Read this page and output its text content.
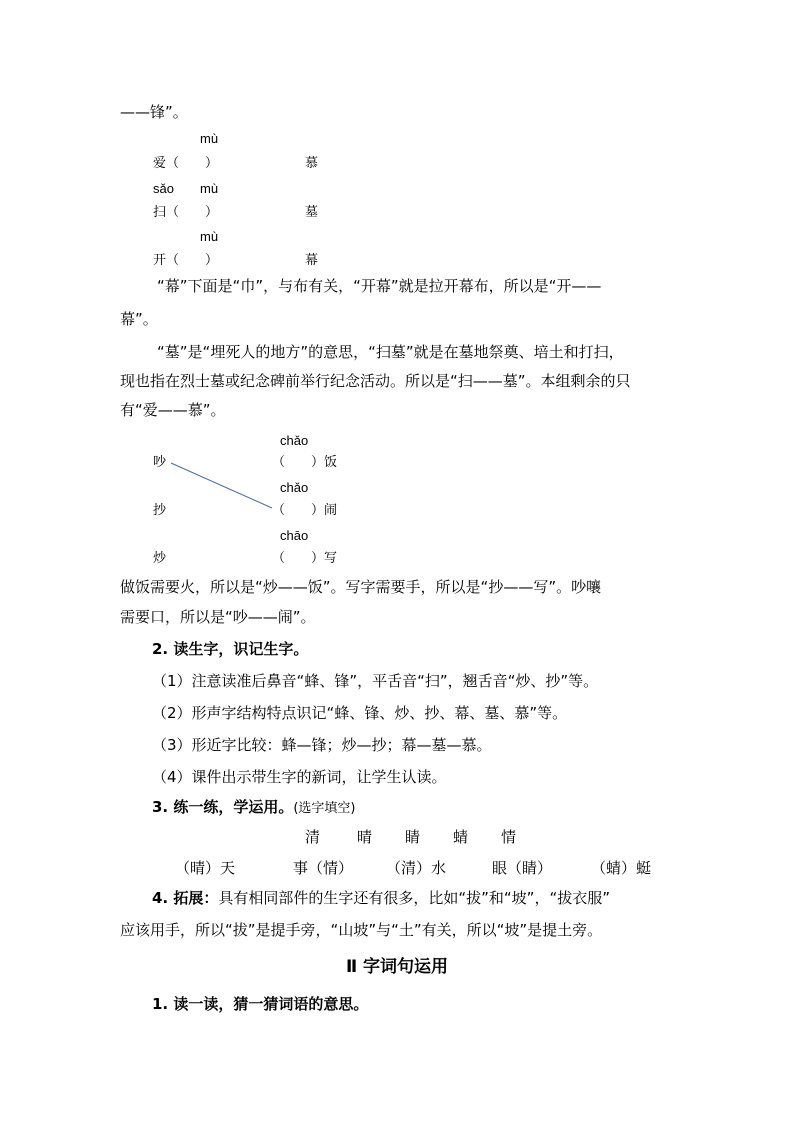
——锋”。
mù
爱（　　）	慕
sǎo mù
扫（　　）	墓
mù
开（　　）	幕
“幕”下面是“巾”，与布有关，“开幕”就是拉开幕布，所以是“开——
幕”。
“墓”是“埋死人的地方”的意思，“扫墓”就是在墓地祭奠、培土和打扫，
现也指在烈士墓或纪念碑前举行纪念活动。所以是“扫——墓”。本组剩余的只
有“爱——慕”。
chǎo
吵	（　　）饭
chǎo
抄	（　　）闹
chāo
炒	（　　）写
做饭需要火，所以是“炒——饭”。写字需要手，所以是“抄——写”。吵嚷
需要口，所以是“吵——闹”。
2. 读生字，识记生字。
（1）注意读准后鼻音“蜂、锋”，平舌音“扫”，翘舌音“炒、抄”等。
（2）形声字结构特点识记“蜂、锋、炒、抄、幕、墓、慕”等。
（3）形近字比较：蜂—锋；炒—抄；幕—墓—慕。
（4）课件出示带生字的新词，让学生认读。
3. 练一练，学运用。(选字填空)
清 晴 睛 蜻 情
（晴）天	事（情） （清）水	眼（睛）	（蜻）蜓
4. 拓展：具有相同部件的生字还有很多，比如“拔”和“坡”，“拔衣服”
应该用手，所以“拔”是提手旁，“山坡”与“土”有关，所以“坡”是提土旁。
Ⅱ 字词句运用
1. 读一读，猜一猜词语的意思。
